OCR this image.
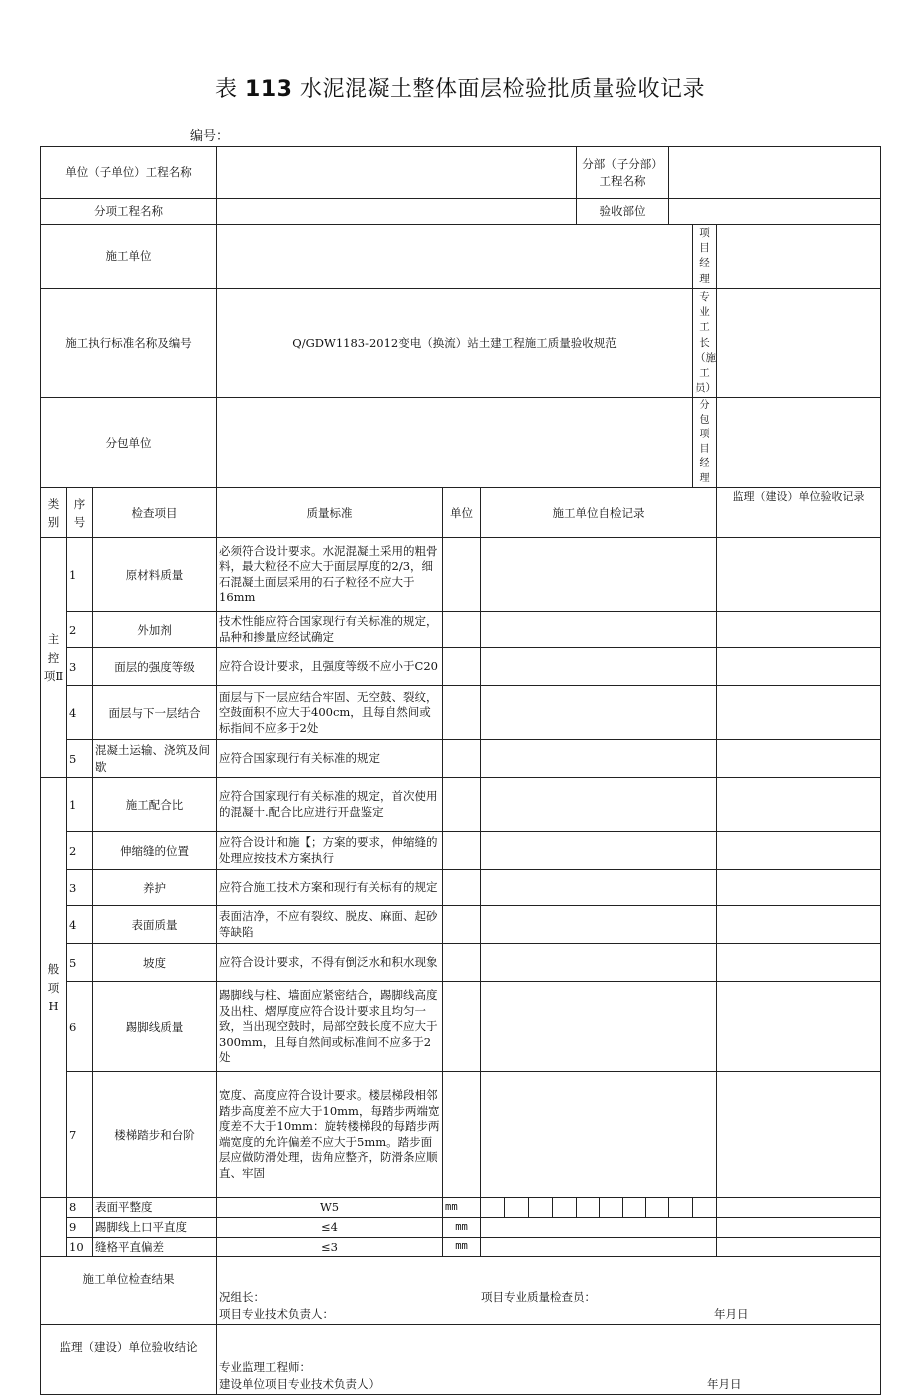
表 113 水泥混凝土整体面层检验批质量验收记录
编号：
单位（子单位）工程名称									分部（子分部）工程名称						
分项工程名称									验收部位						
施工单位														项目经理	
施工执行标准名称及编号			Q/GDW1183-2012变电（换流）站土建工程施工质量验收规范											专业工长（施工员）	
分包单位														分包项目经理	
类别	序号	检查项目	质量标准	单位	施工单位自检记录										监理（建设）单位验收记录
主控项Ⅱ	1	原材料质量	必须符合设计要求。水泥混凝土采用的粗骨料，最大粒径不应大于面层厚度的2/3，细石混凝土面层采用的石子粒径不应大于16mm												
	2	外加剂	技术性能应符合国家现行有关标准的规定，品种和掺量应经试确定												
	3	面层的强度等级	应符合设计要求，且强度等级不应小于C20												
	4	面层与下一层结合	面层与下一层应结合牢固、无空鼓、裂纹，空鼓面积不应大于400cm，且每自然间或标指间不应多于2处												
	5	混凝土运输、浇筑及间歇	应符合国家现行有关标准的规定												
般项H	1	施工配合比	应符合国家现行有关标准的规定，首次使用的混凝十.配合比应进行开盘鉴定												
	2	伸缩缝的位置	应符合设计和施【；方案的要求，伸缩缝的处理应按技术方案执行												
	3	养护	应符合施工技术方案和现行有关标有的规定												
	4	表面质量	表面洁净，不应有裂纹、脱皮、麻面、起砂等缺陷												
	5	坡度	应符合设计要求，不得有倒泛水和积水现象												
	6	踢脚线质量	踢脚线与柱、墙面应紧密结合，踢脚线高度及出柱、熠厚度应符合设计要求且均匀一致，当出现空鼓时，局部空鼓长度不应大于300mm，且每自然间或标准间不应多于2处												
	7	楼梯踏步和台阶	宽度、高度应符合设计要求。楼层梯段相邻踏步高度差不应大于10mm，每踏步两端宽度差不大于10mm：旋转楼梯段的每踏步两端宽度的允许偏差不应大于5mm。踏步面层应做防滑处理，齿角应整齐，防滑条应顺直、牢固												
	8	表面平整度	W5	mm											
	9	踢脚线上口平直度	≤4	mm											
	10	缝格平直偏差	≤3	mm											
施工单位检查结果			况组长： 项目专业质量检查员：
项目专业技术负责人： 年月日												

监理（建设）单位验收结论			专业监理工程师：
建设单位项目专业技术负责人） 年月日												
